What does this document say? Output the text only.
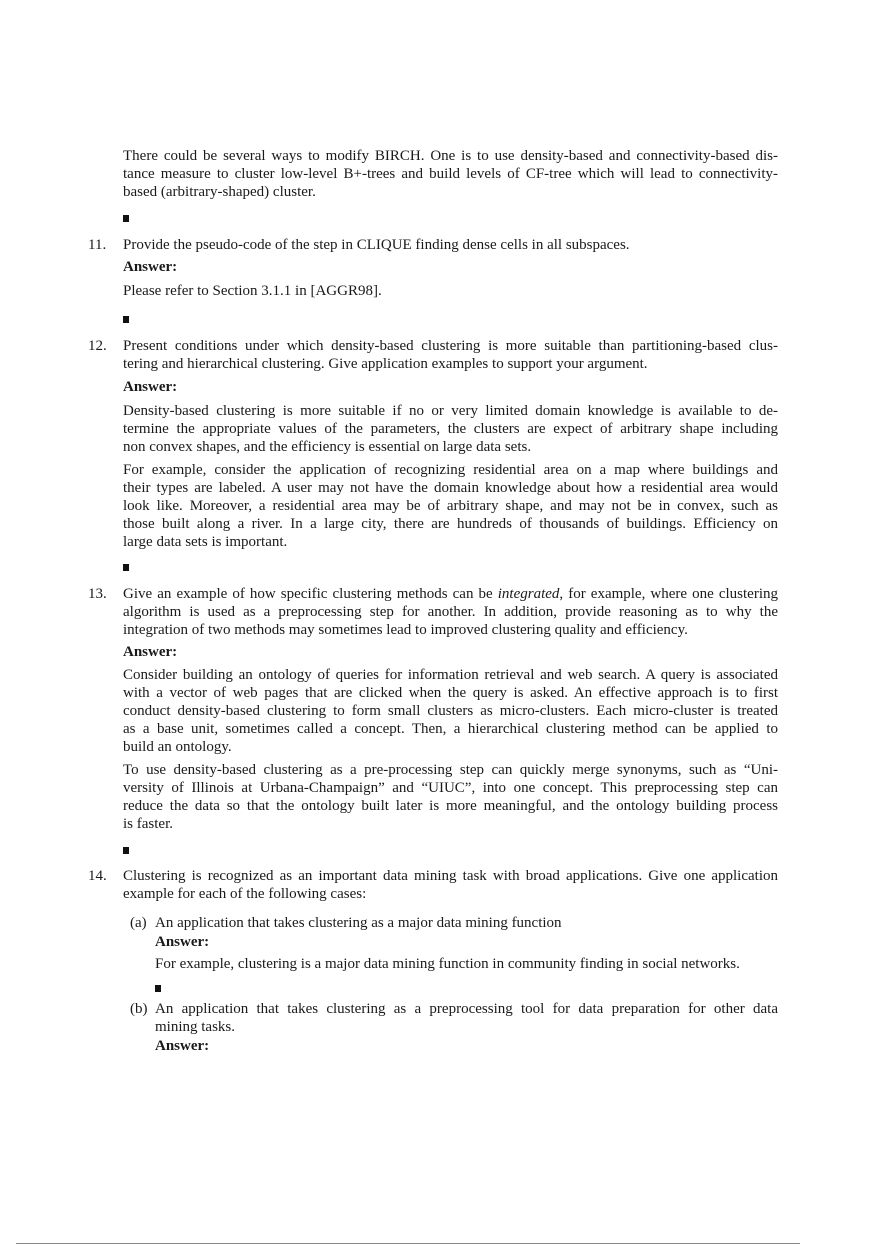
There could be several ways to modify BIRCH. One is to use density-based and connectivity-based dis-
tance measure to cluster low-level B+-trees and build levels of CF-tree which will lead to connectivity-
based (arbitrary-shaped) cluster.
11. Provide the pseudo-code of the step in CLIQUE finding dense cells in all subspaces.
Answer:
Please refer to Section 3.1.1 in [AGGR98].
12. Present conditions under which density-based clustering is more suitable than partitioning-based clus-
tering and hierarchical clustering. Give application examples to support your argument.
Answer:
Density-based clustering is more suitable if no or very limited domain knowledge is available to de-
termine the appropriate values of the parameters, the clusters are expect of arbitrary shape including
non convex shapes, and the efficiency is essential on large data sets.
For example, consider the application of recognizing residential area on a map where buildings and
their types are labeled. A user may not have the domain knowledge about how a residential area would
look like. Moreover, a residential area may be of arbitrary shape, and may not be in convex, such as
those built along a river. In a large city, there are hundreds of thousands of buildings. Efficiency on
large data sets is important.
13. Give an example of how specific clustering methods can be integrated, for example, where one clustering
algorithm is used as a preprocessing step for another. In addition, provide reasoning as to why the
integration of two methods may sometimes lead to improved clustering quality and efficiency.
Answer:
Consider building an ontology of queries for information retrieval and web search. A query is associated
with a vector of web pages that are clicked when the query is asked. An effective approach is to first
conduct density-based clustering to form small clusters as micro-clusters. Each micro-cluster is treated
as a base unit, sometimes called a concept. Then, a hierarchical clustering method can be applied to
build an ontology.
To use density-based clustering as a pre-processing step can quickly merge synonyms, such as “Uni-
versity of Illinois at Urbana-Champaign” and “UIUC”, into one concept. This preprocessing step can
reduce the data so that the ontology built later is more meaningful, and the ontology building process
is faster.
14. Clustering is recognized as an important data mining task with broad applications. Give one application
example for each of the following cases:
(a) An application that takes clustering as a major data mining function
Answer:
For example, clustering is a major data mining function in community finding in social networks.
(b) An application that takes clustering as a preprocessing tool for data preparation for other data
mining tasks.
Answer:
